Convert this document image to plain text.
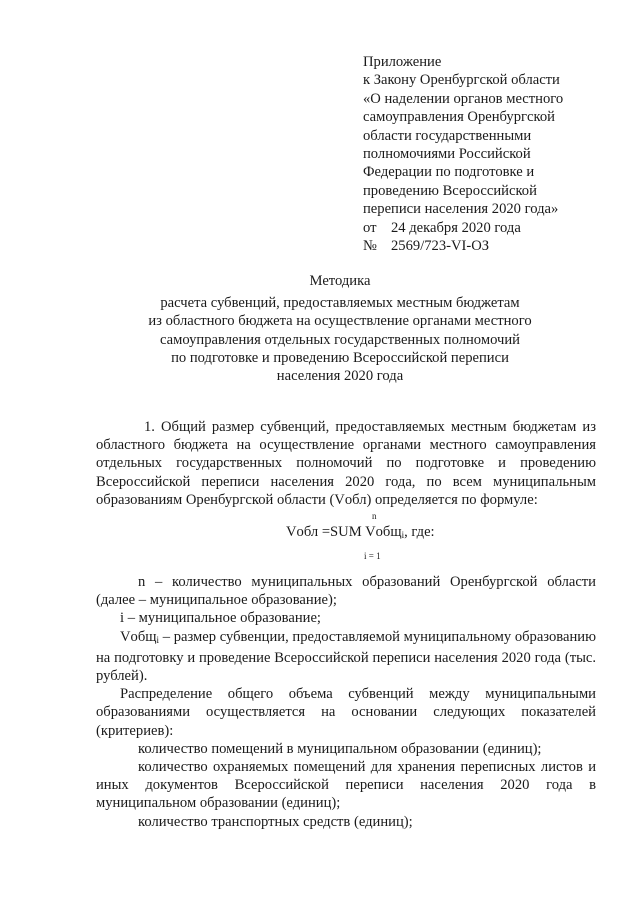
Приложение
к Закону Оренбургской области
«О наделении органов местного
самоуправления Оренбургской
области государственными
полномочиями Российской
Федерации по подготовке и
проведению Всероссийской
переписи населения 2020 года»
от 24 декабря 2020 года
№ 2569/723-VI-ОЗ
Методика
расчета субвенций, предоставляемых местным бюджетам
из областного бюджета на осуществление органами местного
самоуправления отдельных государственных полномочий
по подготовке и проведению Всероссийской переписи
населения 2020 года

1. Общий размер субвенций, предоставляемых местным бюджетам из областного бюджета на осуществление органами местного самоуправления отдельных государственных полномочий по подготовке и проведению Всероссийской переписи населения 2020 года, по всем муниципальным образованиям Оренбургской области (Vобл) определяется по формуле:

n
Vобл =SUM Vобщ$_i$, где:
i = 1

n – количество муниципальных образований Оренбургской области (далее – муниципальное образование);

i – муниципальное образование;

Vобщ$_i$ – размер субвенции, предоставляемой муниципальному образованию на подготовку и проведение Всероссийской переписи населения 2020 года (тыс. рублей).

Распределение общего объема субвенций между муниципальными образованиями осуществляется на основании следующих показателей (критериев):

количество помещений в муниципальном образовании (единиц);

количество охраняемых помещений для хранения переписных листов и иных документов Всероссийской переписи населения 2020 года в муниципальном образовании (единиц);

количество транспортных средств (единиц);
